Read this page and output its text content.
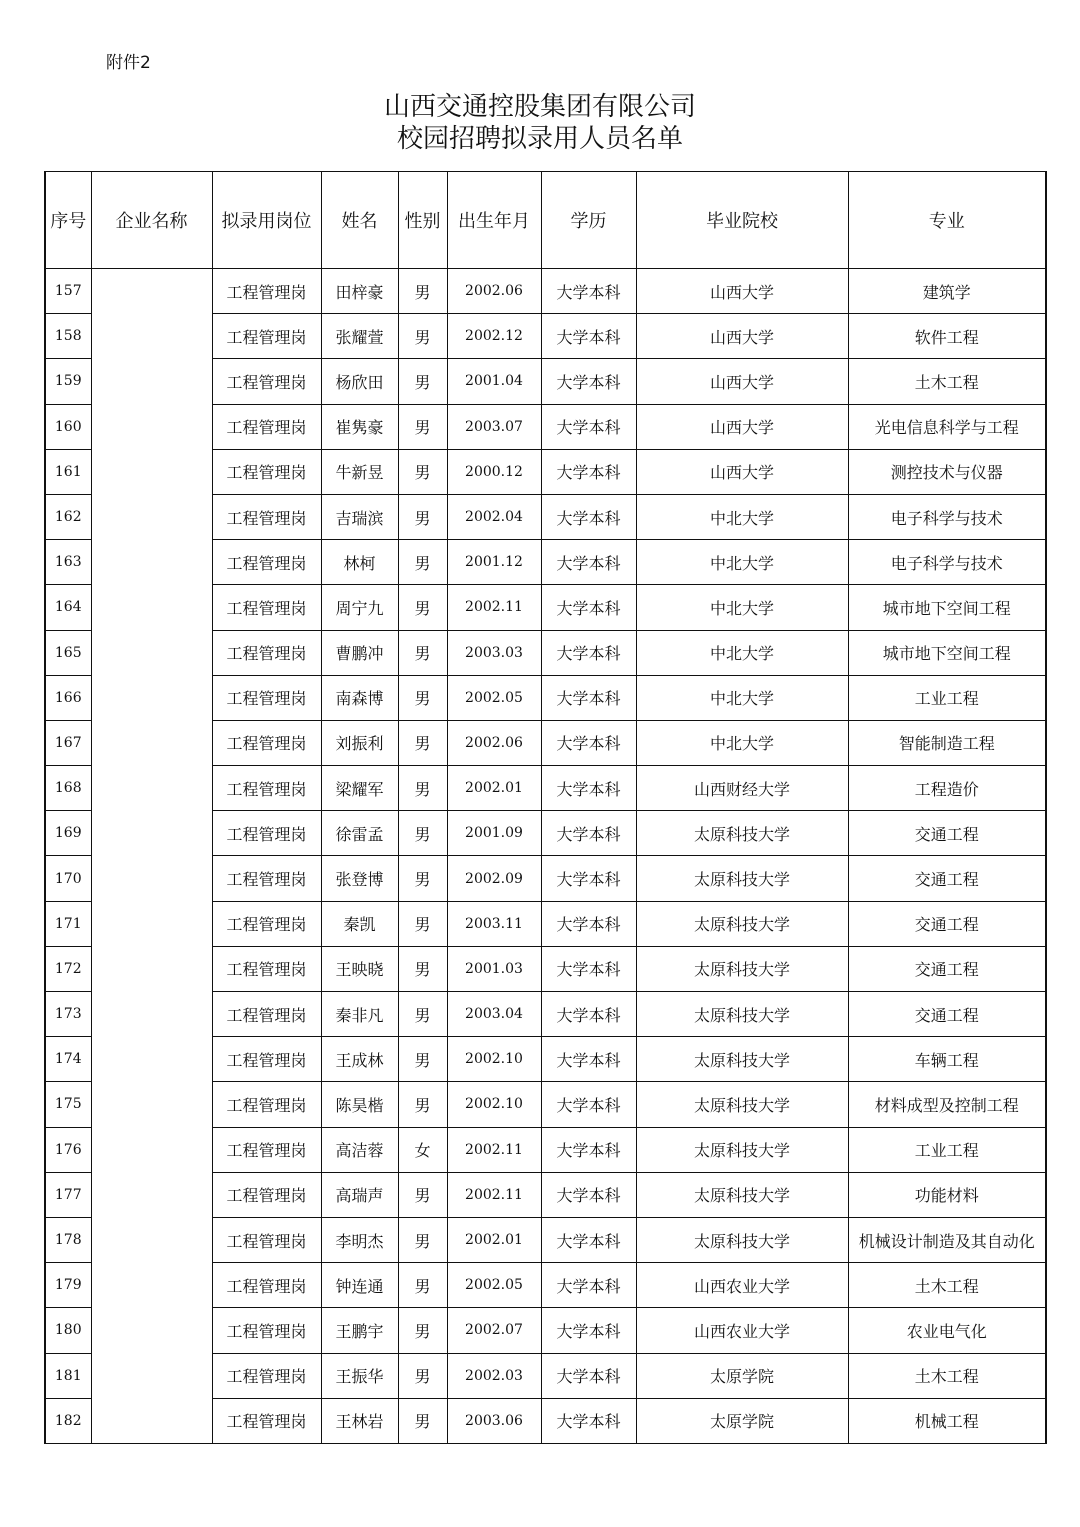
附件2
山西交通控股集团有限公司
校园招聘拟录用人员名单
序号	企业名称	拟录用岗位	姓名	性别	出生年月	学历	毕业院校	专业
157		工程管理岗	田梓豪	男	2002.06	大学本科	山西大学	建筑学
158		工程管理岗	张耀萱	男	2002.12	大学本科	山西大学	软件工程
159		工程管理岗	杨欣田	男	2001.04	大学本科	山西大学	土木工程
160		工程管理岗	崔隽豪	男	2003.07	大学本科	山西大学	光电信息科学与工程
161		工程管理岗	牛新昱	男	2000.12	大学本科	山西大学	测控技术与仪器
162		工程管理岗	吉瑞滨	男	2002.04	大学本科	中北大学	电子科学与技术
163		工程管理岗	林柯	男	2001.12	大学本科	中北大学	电子科学与技术
164		工程管理岗	周宁九	男	2002.11	大学本科	中北大学	城市地下空间工程
165		工程管理岗	曹鹏冲	男	2003.03	大学本科	中北大学	城市地下空间工程
166		工程管理岗	南森博	男	2002.05	大学本科	中北大学	工业工程
167		工程管理岗	刘振利	男	2002.06	大学本科	中北大学	智能制造工程
168		工程管理岗	梁耀军	男	2002.01	大学本科	山西财经大学	工程造价
169		工程管理岗	徐雷孟	男	2001.09	大学本科	太原科技大学	交通工程
170		工程管理岗	张登博	男	2002.09	大学本科	太原科技大学	交通工程
171		工程管理岗	秦凯	男	2003.11	大学本科	太原科技大学	交通工程
172		工程管理岗	王映晓	男	2001.03	大学本科	太原科技大学	交通工程
173		工程管理岗	秦非凡	男	2003.04	大学本科	太原科技大学	交通工程
174		工程管理岗	王成林	男	2002.10	大学本科	太原科技大学	车辆工程
175		工程管理岗	陈昊楷	男	2002.10	大学本科	太原科技大学	材料成型及控制工程
176		工程管理岗	高洁蓉	女	2002.11	大学本科	太原科技大学	工业工程
177		工程管理岗	高瑞声	男	2002.11	大学本科	太原科技大学	功能材料
178		工程管理岗	李明杰	男	2002.01	大学本科	太原科技大学	机械设计制造及其自动化
179		工程管理岗	钟连通	男	2002.05	大学本科	山西农业大学	土木工程
180		工程管理岗	王鹏宇	男	2002.07	大学本科	山西农业大学	农业电气化
181		工程管理岗	王振华	男	2002.03	大学本科	太原学院	土木工程
182		工程管理岗	王林岩	男	2003.06	大学本科	太原学院	机械工程
